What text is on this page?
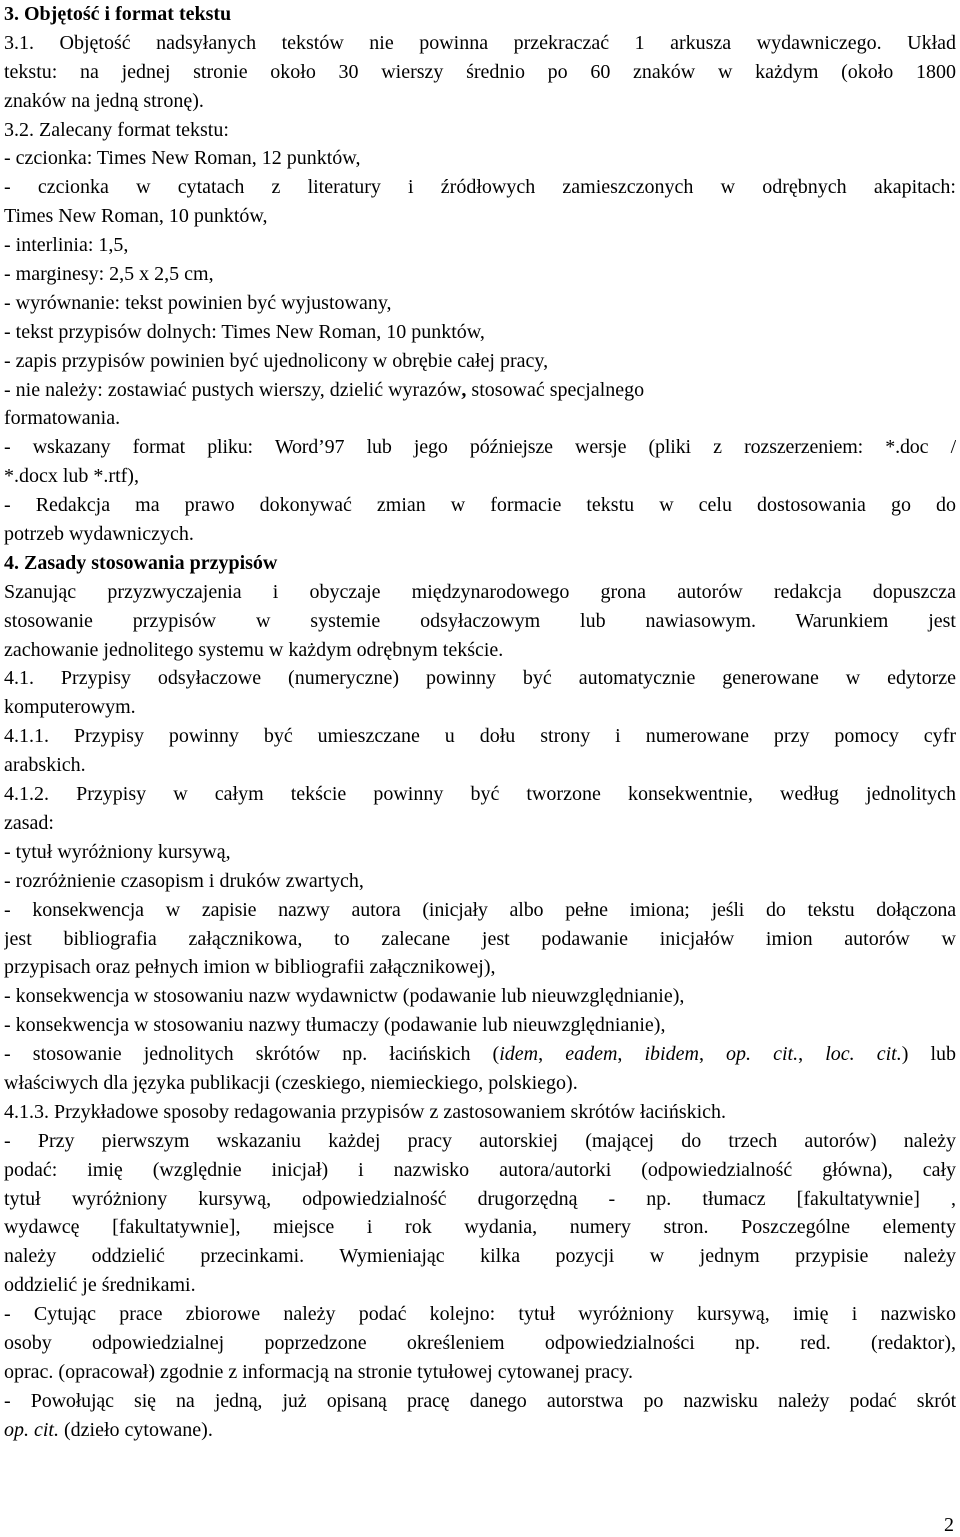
3. Objętość i format tekstu
3.1. Objętość nadsyłanych tekstów nie powinna przekraczać 1 arkusza wydawniczego. Układ
tekstu: na jednej stronie około 30 wierszy średnio po 60 znaków w każdym (około 1800
znaków na jedną stronę).
3.2. Zalecany format tekstu:
- czcionka: Times New Roman, 12 punktów,
- czcionka w cytatach z literatury i źródłowych zamieszczonych w odrębnych akapitach:
Times New Roman, 10 punktów,
- interlinia: 1,5,
- marginesy: 2,5 x 2,5 cm,
- wyrównanie: tekst powinien być wyjustowany,
- tekst przypisów dolnych: Times New Roman, 10 punktów,
- zapis przypisów powinien być ujednolicony w obrębie całej pracy,
- nie należy: zostawiać pustych wierszy, dzielić wyrazów, stosować specjalnego
formatowania.
- wskazany format pliku: Word’97 lub jego późniejsze wersje (pliki z rozszerzeniem: *.doc /
*.docx lub *.rtf),
- Redakcja ma prawo dokonywać zmian w formacie tekstu w celu dostosowania go do
potrzeb wydawniczych.
4. Zasady stosowania przypisów
Szanując przyzwyczajenia i obyczaje międzynarodowego grona autorów redakcja dopuszcza
stosowanie przypisów w systemie odsyłaczowym lub nawiasowym. Warunkiem jest
zachowanie jednolitego systemu w każdym odrębnym tekście.
4.1. Przypisy odsyłaczowe (numeryczne) powinny być automatycznie generowane w edytorze
komputerowym.
4.1.1. Przypisy powinny być umieszczane u dołu strony i numerowane przy pomocy cyfr
arabskich.
4.1.2. Przypisy w całym tekście powinny być tworzone konsekwentnie, według jednolitych
zasad:
- tytuł wyróżniony kursywą,
- rozróżnienie czasopism i druków zwartych,
- konsekwencja w zapisie nazwy autora (inicjały albo pełne imiona; jeśli do tekstu dołączona
jest bibliografia załącznikowa, to zalecane jest podawanie inicjałów imion autorów w
przypisach oraz pełnych imion w bibliografii załącznikowej),
- konsekwencja w stosowaniu nazw wydawnictw (podawanie lub nieuwzględnianie),
- konsekwencja w stosowaniu nazwy tłumaczy (podawanie lub nieuwzględnianie),
- stosowanie jednolitych skrótów np. łacińskich (idem, eadem, ibidem, op. cit., loc. cit.) lub
właściwych dla języka publikacji (czeskiego, niemieckiego, polskiego).
4.1.3. Przykładowe sposoby redagowania przypisów z zastosowaniem skrótów łacińskich.
- Przy pierwszym wskazaniu każdej pracy autorskiej (mającej do trzech autorów) należy
podać: imię (względnie inicjał) i nazwisko autora/autorki (odpowiedzialność główna), cały
tytuł wyróżniony kursywą, odpowiedzialność drugorzędną - np. tłumacz [fakultatywnie] ,
wydawcę [fakultatywnie], miejsce i rok wydania, numery stron. Poszczególne elementy
należy oddzielić przecinkami. Wymieniając kilka pozycji w jednym przypisie należy
oddzielić je średnikami.
- Cytując prace zbiorowe należy podać kolejno: tytuł wyróżniony kursywą, imię i nazwisko
osoby odpowiedzialnej poprzedzone określeniem odpowiedzialności np. red. (redaktor),
oprac. (opracował) zgodnie z informacją na stronie tytułowej cytowanej pracy.
- Powołując się na jedną, już opisaną pracę danego autorstwa po nazwisku należy podać skrót
op. cit. (dzieło cytowane).
2
